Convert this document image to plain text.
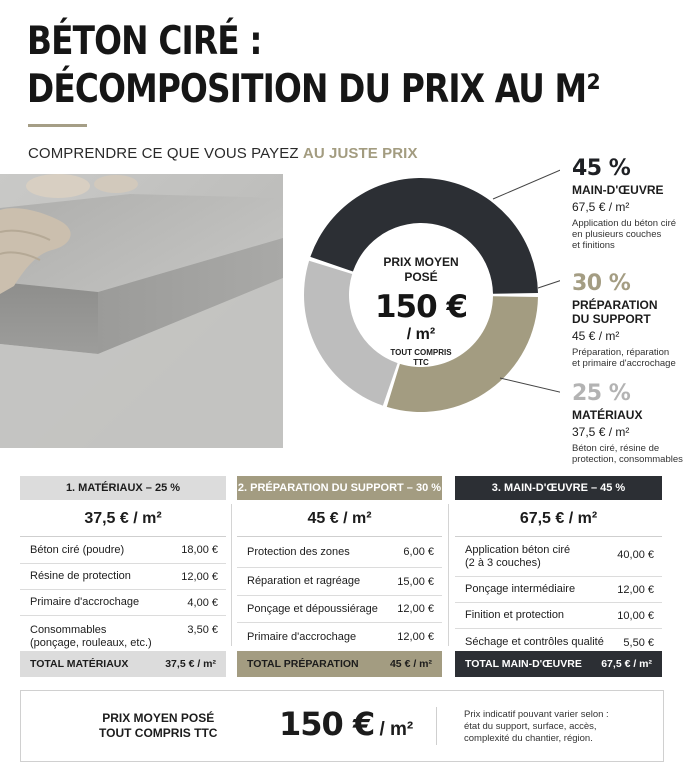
BÉTON CIRÉ :
DÉCOMPOSITION DU PRIX AU M²
COMPRENDRE CE QUE VOUS PAYEZ AU JUSTE PRIX
PRIX MOYEN
POSÉ
150 €
/ m²
TOUT COMPRIS
TTC
45 %
MAIN-D'ŒUVRE
67,5 € / m²
Application du béton ciré
en plusieurs couches
et finitions
30 %
PRÉPARATION
DU SUPPORT
45 € / m²
Préparation, réparation
et primaire d'accrochage
25 %
MATÉRIAUX
37,5 € / m²
Béton ciré, résine de
protection, consommables
1. MATÉRIAUX – 25 %
37,5 € / m²
Béton ciré (poudre)	18,00 €
Résine de protection	12,00 €
Primaire d'accrochage	4,00 €
Consommables
(ponçage, rouleaux, etc.)
3,50 €
TOTAL MATÉRIAUX	37,5 € / m²
2. PRÉPARATION DU SUPPORT – 30 %
45 € / m²
Protection des zones	6,00 €
Réparation et ragréage	15,00 €
Ponçage et dépoussiérage 12,00 €
Primaire d'accrochage	12,00 €
TOTAL PRÉPARATION	45 € / m²
3. MAIN-D'ŒUVRE – 45 %
67,5 € / m²
Application béton ciré
(2 à 3 couches)
40,00 €
Ponçage intermédiaire	12,00 €
Finition et protection	10,00 €
Séchage et contrôles qualité 5,50 €
TOTAL MAIN-D'ŒUVRE 67,5 € / m²
PRIX MOYEN POSÉ
TOUT COMPRIS TTC 150 € / m²
Prix indicatif pouvant varier selon :
état du support, surface, accès,
complexité du chantier, région.
